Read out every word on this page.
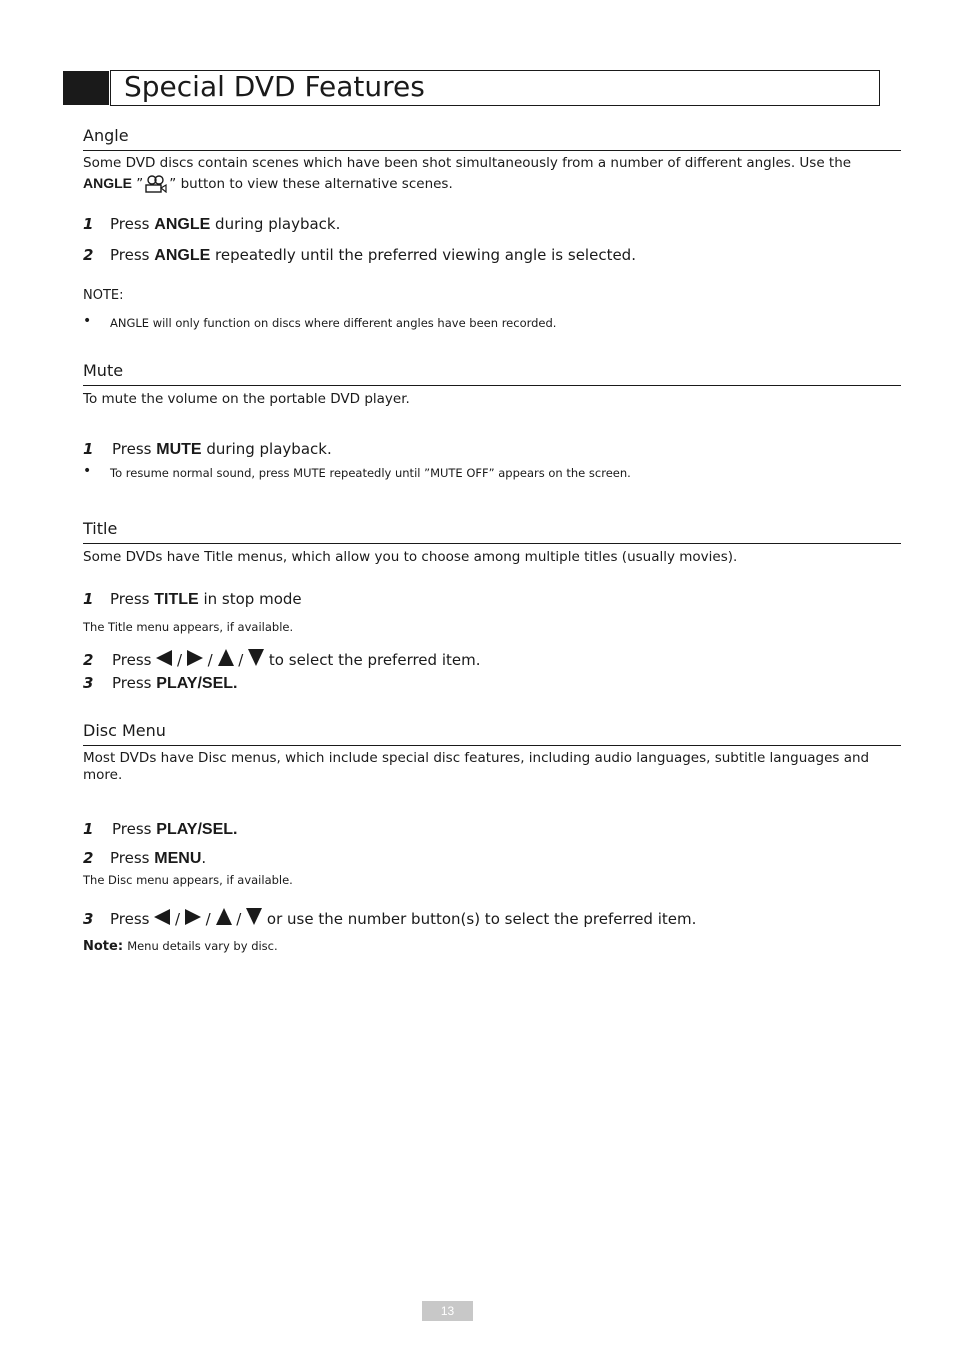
Special DVD Features
Angle
Some DVD discs contain scenes which have been shot simultaneously from a number of different angles. Use the
ANGLE ” ” button to view these alternative scenes.
1 Press ANGLE during playback.
2 Press ANGLE repeatedly until the preferred viewing angle is selected.
NOTE:
• ANGLE will only function on discs where different angles have been recorded.
Mute
To mute the volume on the portable DVD player.
1 Press MUTE during playback.
• To resume normal sound, press MUTE repeatedly until ”MUTE OFF” appears on the screen.
Title
Some DVDs have Title menus, which allow you to choose among multiple titles (usually movies).
1 Press TITLE in stop mode
The Title menu appears, if available.
2 Press / / / to select the preferred item.
3 Press PLAY/SEL.
Disc Menu
Most DVDs have Disc menus, which include special disc features, including audio languages, subtitle languages and
more.
1 Press PLAY/SEL.
2 Press MENU.
The Disc menu appears, if available.
3 Press / / / or use the number button(s) to select the preferred item.
Note: Menu details vary by disc.
13
